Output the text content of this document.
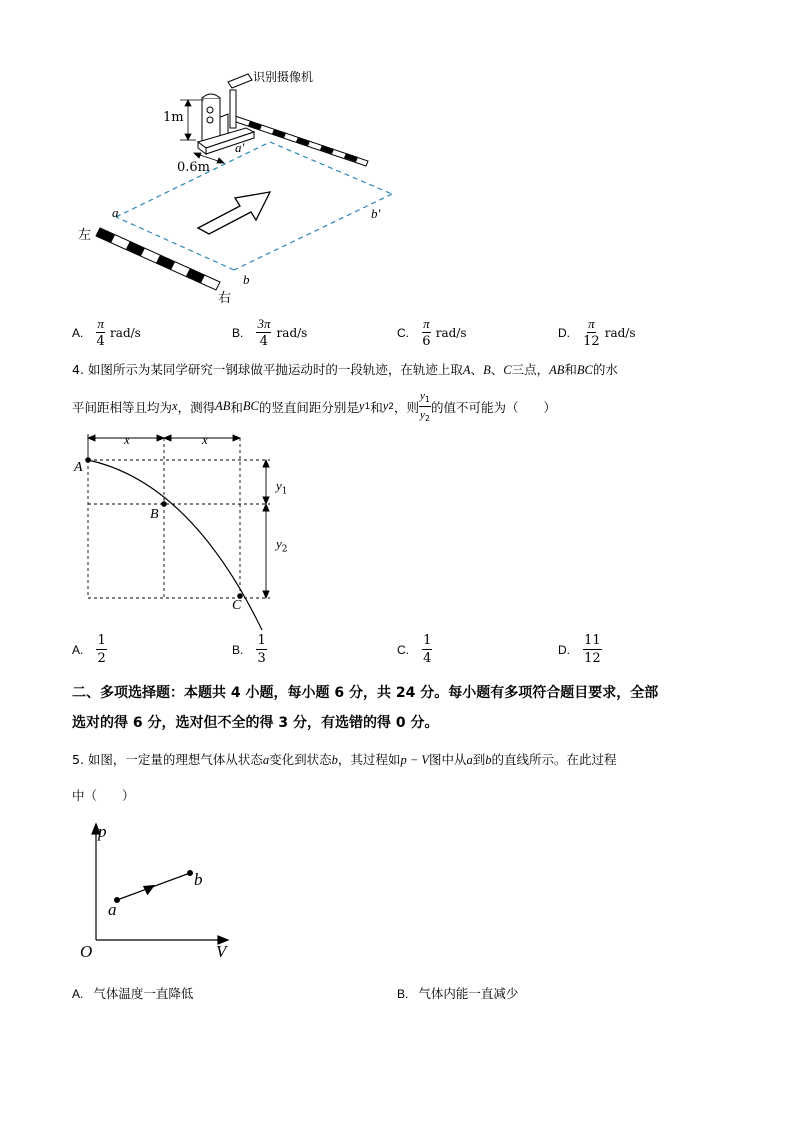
识别摄像机
1m
0.6m
a′
a	b′
b
左
右
A. $\frac{\pi}{4} rad/s$	B. $\frac{3\pi}{4} rad/s$	C. $\frac{\pi}{6} rad/s$	D. $\frac{\pi}{12} rad/s$
4. 如图所示为某同学研究一钢球做平抛运动时的一段轨迹，在轨迹上取A、B、C三点，AB和BC的水
平间距相等且均为 x ，测得 AB 和 BC 的竖直间距分别是 y 1 和 y 2 ，则 $\frac{y_1}{y_2}$ 的值不可能为（　　）
x	x
$y_1$
$y_2$
A
B
C
A. $\frac{1}{2}$	B. $\frac{1}{3}$	C. $\frac{1}{4}$	D. $\frac{11}{12}$
二、多项选择题：本题共 4 小题，每小题 6 分，共 24 分。每小题有多项符合题目要求，全部
选对的得 6 分，选对但不全的得 3 分，有选错的得 0 分。
5. 如图，一定量的理想气体从状态a变化到状态b，其过程如p − V图中从a到b的直线所示。在此过程
中（　　）
p
V
O
a
b
A. 气体温度一直降低	B. 气体内能一直减少
